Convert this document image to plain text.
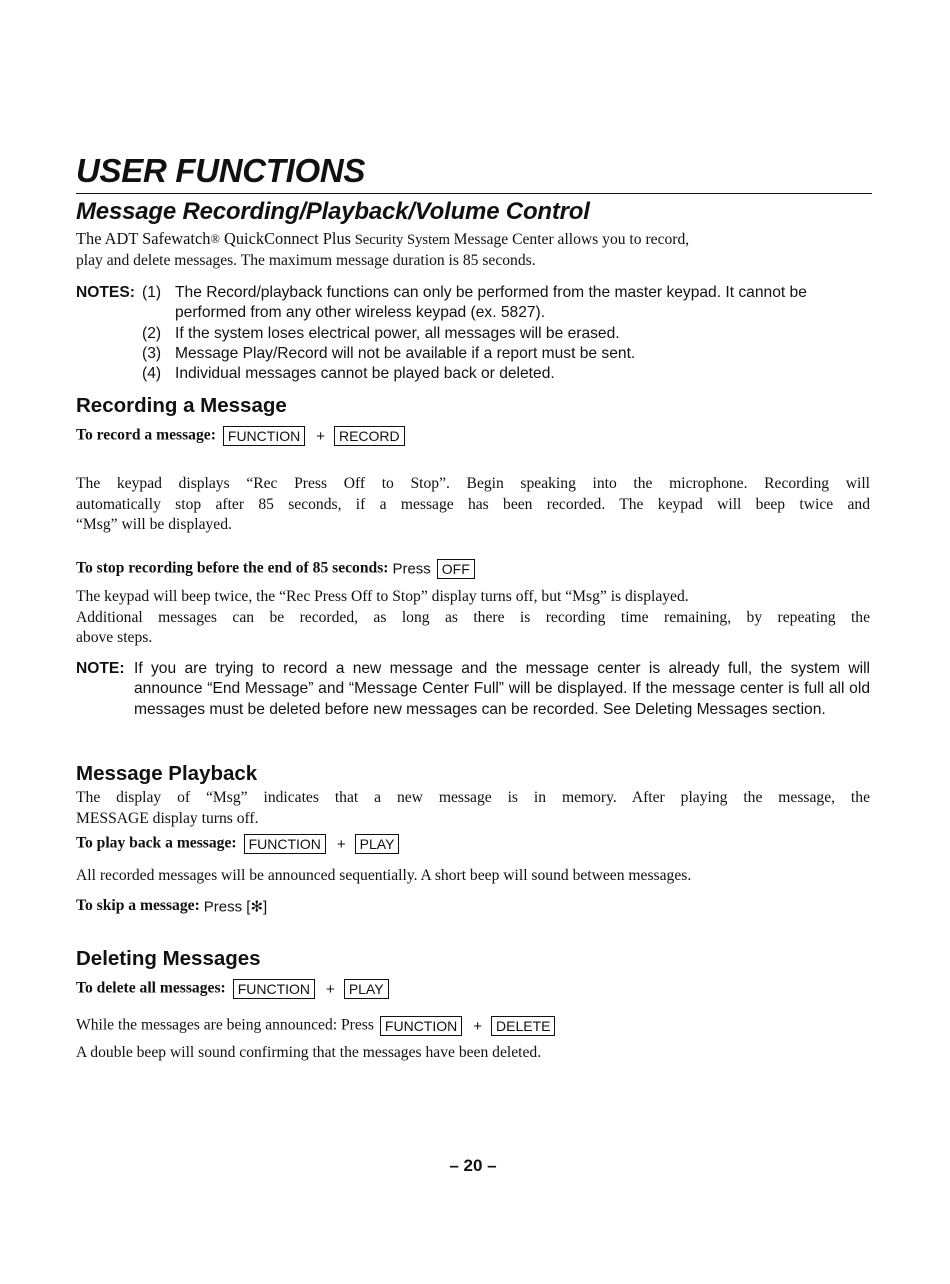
USER FUNCTIONS
Message Recording/Playback/Volume Control
The ADT Safewatch® QuickConnect Plus Security System Message Center allows you to record,
play and delete messages. The maximum message duration is 85 seconds.
NOTES: (1) The Record/playback functions can only be performed from the master keypad. It cannot be performed from any other wireless keypad (ex. 5827).
(2) If the system loses electrical power, all messages will be erased.
(3) Message Play/Record will not be available if a report must be sent.
(4) Individual messages cannot be played back or deleted.
Recording a Message
To record a message: FUNCTION + RECORD
The keypad displays “Rec Press Off to Stop”. Begin speaking into the microphone. Recording will
automatically stop after 85 seconds, if a message has been recorded. The keypad will beep twice and
“Msg” will be displayed.
To stop recording before the end of 85 seconds: Press OFF
The keypad will beep twice, the “Rec Press Off to Stop” display turns off, but “Msg” is displayed.
Additional messages can be recorded, as long as there is recording time remaining, by repeating the
above steps.
NOTE: If you are trying to record a new message and the message center is already full, the system will announce “End Message” and “Message Center Full” will be displayed. If the message center is full all old messages must be deleted before new messages can be recorded. See Deleting Messages section.
Message Playback
The display of “Msg” indicates that a new message is in memory. After playing the message, the
MESSAGE display turns off.
To play back a message: FUNCTION + PLAY
All recorded messages will be announced sequentially. A short beep will sound between messages.
To skip a message: Press [✻]
Deleting Messages
To delete all messages: FUNCTION + PLAY
While the messages are being announced: Press FUNCTION + DELETE
A double beep will sound confirming that the messages have been deleted.
– 20 –
